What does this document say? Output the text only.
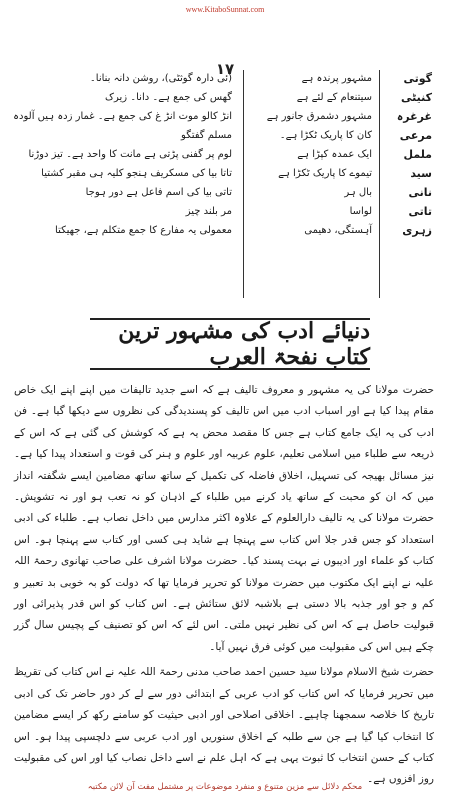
www.KitaboSunnat.com
١٧
گوتی
کنیٹی
غرغرہ
مرعی
ململ
سید
نانی
تاتی
زہری
مشہور پرندہ ہے
سیتنعام کے لئے ہے
مشہور دشمرق جانور ہے
کان کا پاریک ٹکڑا ہے۔
ایک عمدہ کپڑا ہے
تیموے کا پاریک ٹکڑا ہے
بال ہر
لواسا
آہستگی، دھیمی
(ئی دارہ گوثٹی)، روشن دانہ بنانا۔
گھس کی جمع ہے۔ دانا۔ زیرک
انڑ کالو موت انڑ غ کی جمع ہے۔ غمار زدہ ہیں آلودہ
مسلم گفتگو
لوم پر گفنی پڑتی ہے مانت کا واحد ہے۔ تیز دوڑنا
تاتا بیا کی مسکریف ہنجو کلیہ ہی مقبر کشتیا
تاتی بیا کی اسم فاعل ہے دور ہوجا
مر بلند چیز
معمولی یہ مفارع کا جمع متکلم ہے، جھیکتا
دنیائے ادب کی مشہور ترین کتاب نفحۃ العرب

حضرت مولانا کی یہ مشہور و معروف تالیف ہے کہ اسے جدید تالیفات میں اپنے اپنے ایک خاص مقام پیدا کیا ہے اور اسباب ادب میں اس تالیف کو پسندیدگی کی نظروں سے دیکھا گیا ہے۔ فن ادب کی یہ ایک جامع کتاب ہے جس کا مقصد محض یہ ہے کہ کوشش کی گئی ہے کہ اس کے ذریعہ سے طلباء میں اسلامی تعلیم، علوم عربیہ اور علوم و ہنر کی قوت و استعداد پیدا کیا ہے۔ نیز مسائل بھیجہ کی تسہیل، اخلاق فاضلہ کی تکمیل کے ساتھ ساتھ مضامین ایسے شگفتہ انداز میں کہ ان کو محبت کے ساتھ یاد کرنے میں طلباء کے اذہان کو نہ تعب ہو اور نہ تشویش۔ حضرت مولانا کی یہ تالیف دارالعلوم کے علاوہ اکثر مدارس میں داخل نصاب ہے۔ طلباء کی ادبی استعداد کو جس قدر جلا اس کتاب سے پہنچا ہے شاید ہی کسی اور کتاب سے پہنچا ہو۔ اس کتاب کو علماء اور ادیبوں نے بہت پسند کیا۔ حضرت مولانا اشرف علی صاحب تھانوی رحمۃ اللہ علیہ نے اپنے ایک مکتوب میں حضرت مولانا کو تحریر فرمایا تھا کہ دولت کو بہ خوبی بد تعبیر و کم و جو اور جذبہ بالا دستی ہے بلاشبہ لائق ستائش ہے۔ اس کتاب کو اس قدر پذیرائی اور قبولیت حاصل ہے کہ اس کی نظیر نہیں ملتی۔ اس لئے کہ اس کو تصنیف کے پچیس سال گزر چکے ہیں اس کی مقبولیت میں کوئی فرق نہیں آیا۔

حضرت شیخ الاسلام مولانا سید حسین احمد صاحب مدنی رحمۃ اللہ علیہ نے اس کتاب کی تقریظ میں تحریر فرمایا کہ اس کتاب کو ادب عربی کے ابتدائی دور سے لے کر دور حاضر تک کی ادبی تاریخ کا خلاصہ سمجھنا چاہیے۔ اخلاقی اصلاحی اور ادبی حیثیت کو سامنے رکھ کر ایسے مضامین کا انتخاب کیا گیا ہے جن سے طلبہ کے اخلاق سنوریں اور ادب عربی سے دلچسپی پیدا ہو۔ اس کتاب کے حسن انتخاب کا ثبوت یہی ہے کہ اہل علم نے اسے داخل نصاب کیا اور اس کی مقبولیت روز افزوں ہے۔

محکم دلائل سے مزین متنوع و منفرد موضوعات پر مشتمل مفت آن لائن مکتبہ
